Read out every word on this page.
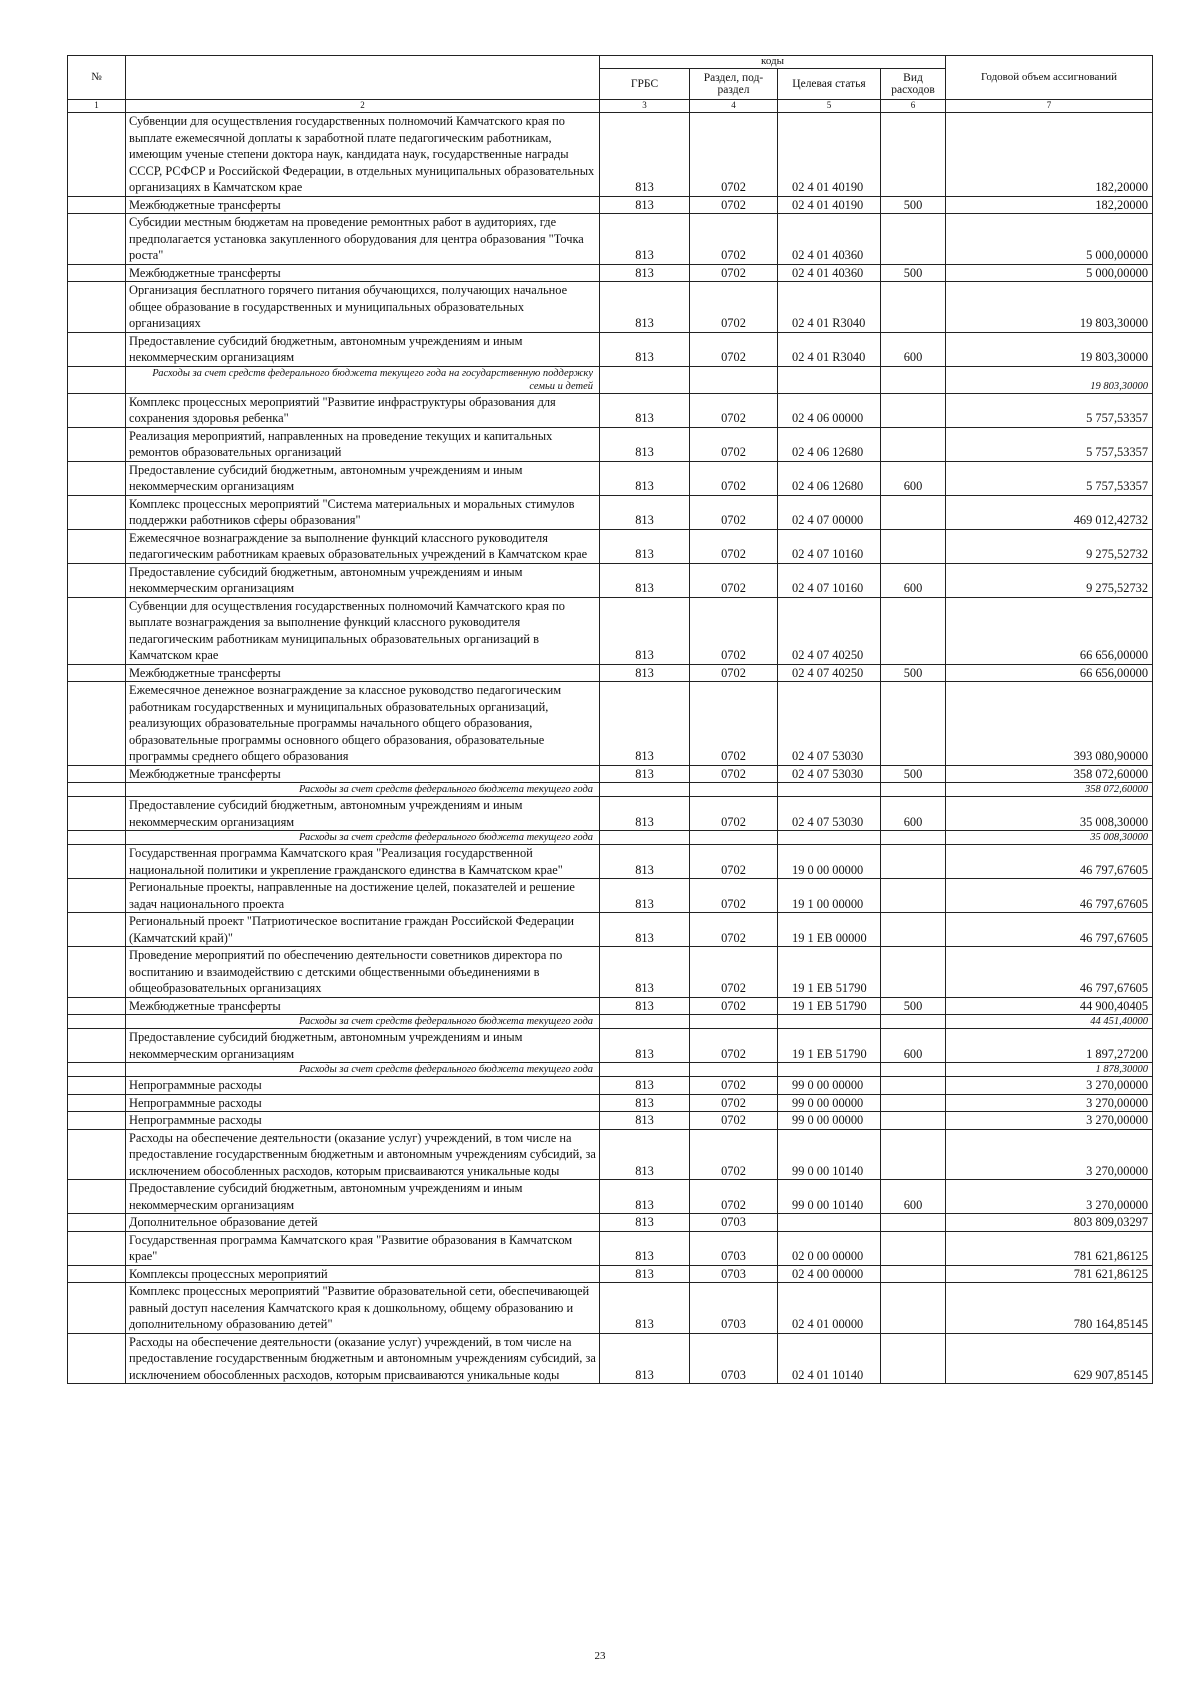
№		коды				Годовой объем ассигнований
		ГРБС	Раздел, под- раздел	Целевая статья	Вид расходов	
1	2	3	4	5	6	7
	Субвенции для осуществления государственных полномочий Камчатского края по выплате ежемесячной доплаты к заработной плате педагогическим работникам, имеющим ученые степени доктора наук, кандидата наук, государственные награды СССР, РСФСР и Российской Федерации, в отдельных муниципальных образовательных организациях в Камчатском крае	813	0702	02 4 01 40190		182,20000
	Межбюджетные трансферты	813	0702	02 4 01 40190	500	182,20000
	Субсидии местным бюджетам на проведение ремонтных работ в аудиториях, где предполагается установка закупленного оборудования для центра образования "Точка роста"	813	0702	02 4 01 40360		5 000,00000
	Межбюджетные трансферты	813	0702	02 4 01 40360	500	5 000,00000
	Организация бесплатного горячего питания обучающихся, получающих начальное общее образование в государственных и муниципальных образовательных организациях	813	0702	02 4 01 R3040		19 803,30000
	Предоставление субсидий бюджетным, автономным учреждениям и иным некоммерческим организациям	813	0702	02 4 01 R3040	600	19 803,30000
	Расходы за счет средств федерального бюджета текущего года на государственную поддержку семьи и детей					19 803,30000
	Комплекс процессных мероприятий "Развитие инфраструктуры образования для сохранения здоровья ребенка"	813	0702	02 4 06 00000		5 757,53357
	Реализация мероприятий, направленных на проведение текущих и капитальных ремонтов образовательных организаций	813	0702	02 4 06 12680		5 757,53357
	Предоставление субсидий бюджетным, автономным учреждениям и иным некоммерческим организациям	813	0702	02 4 06 12680	600	5 757,53357
	Комплекс процессных мероприятий "Система материальных и моральных стимулов поддержки работников сферы образования"	813	0702	02 4 07 00000		469 012,42732
	Ежемесячное вознаграждение за выполнение функций классного руководителя педагогическим работникам краевых образовательных учреждений в Камчатском крае	813	0702	02 4 07 10160		9 275,52732
	Предоставление субсидий бюджетным, автономным учреждениям и иным некоммерческим организациям	813	0702	02 4 07 10160	600	9 275,52732
	Субвенции для осуществления государственных полномочий Камчатского края по выплате вознаграждения за выполнение функций классного руководителя педагогическим работникам муниципальных образовательных организаций в Камчатском крае	813	0702	02 4 07 40250		66 656,00000
	Межбюджетные трансферты	813	0702	02 4 07 40250	500	66 656,00000
	Ежемесячное денежное вознаграждение за классное руководство педагогическим работникам государственных и муниципальных образовательных организаций, реализующих образовательные программы начального общего образования, образовательные программы основного общего образования, образовательные программы среднего общего образования	813	0702	02 4 07 53030		393 080,90000
	Межбюджетные трансферты	813	0702	02 4 07 53030	500	358 072,60000
	Расходы за счет средств федерального бюджета текущего года					358 072,60000
	Предоставление субсидий бюджетным, автономным учреждениям и иным некоммерческим организациям	813	0702	02 4 07 53030	600	35 008,30000
	Расходы за счет средств федерального бюджета текущего года					35 008,30000
	Государственная программа Камчатского края "Реализация государственной национальной политики и укрепление гражданского единства в Камчатском крае"	813	0702	19 0 00 00000		46 797,67605
	Региональные проекты, направленные на достижение целей, показателей и решение задач национального проекта	813	0702	19 1 00 00000		46 797,67605
	Региональный проект "Патриотическое воспитание граждан Российской Федерации (Камчатский край)"	813	0702	19 1 EB 00000		46 797,67605
	Проведение мероприятий по обеспечению деятельности советников директора по воспитанию и взаимодействию с детскими общественными объединениями в общеобразовательных организациях	813	0702	19 1 EB 51790		46 797,67605
	Межбюджетные трансферты	813	0702	19 1 EB 51790	500	44 900,40405
	Расходы за счет средств федерального бюджета текущего года					44 451,40000
	Предоставление субсидий бюджетным, автономным учреждениям и иным некоммерческим организациям	813	0702	19 1 EB 51790	600	1 897,27200
	Расходы за счет средств федерального бюджета текущего года					1 878,30000
	Непрограммные расходы	813	0702	99 0 00 00000		3 270,00000
	Непрограммные расходы	813	0702	99 0 00 00000		3 270,00000
	Непрограммные расходы	813	0702	99 0 00 00000		3 270,00000
	Расходы на обеспечение деятельности (оказание услуг) учреждений, в том числе на предоставление государственным бюджетным и автономным учреждениям субсидий, за исключением обособленных расходов, которым присваиваются уникальные коды	813	0702	99 0 00 10140		3 270,00000
	Предоставление субсидий бюджетным, автономным учреждениям и иным некоммерческим организациям	813	0702	99 0 00 10140	600	3 270,00000
	Дополнительное образование детей	813	0703			803 809,03297
	Государственная программа Камчатского края "Развитие образования в Камчатском крае"	813	0703	02 0 00 00000		781 621,86125
	Комплексы процессных мероприятий	813	0703	02 4 00 00000		781 621,86125
	Комплекс процессных мероприятий "Развитие образовательной сети, обеспечивающей равный доступ населения Камчатского края к дошкольному, общему образованию и дополнительному образованию детей"	813	0703	02 4 01 00000		780 164,85145
	Расходы на обеспечение деятельности (оказание услуг) учреждений, в том числе на предоставление государственным бюджетным и автономным учреждениям субсидий, за исключением обособленных расходов, которым присваиваются уникальные коды	813	0703	02 4 01 10140		629 907,85145
23
